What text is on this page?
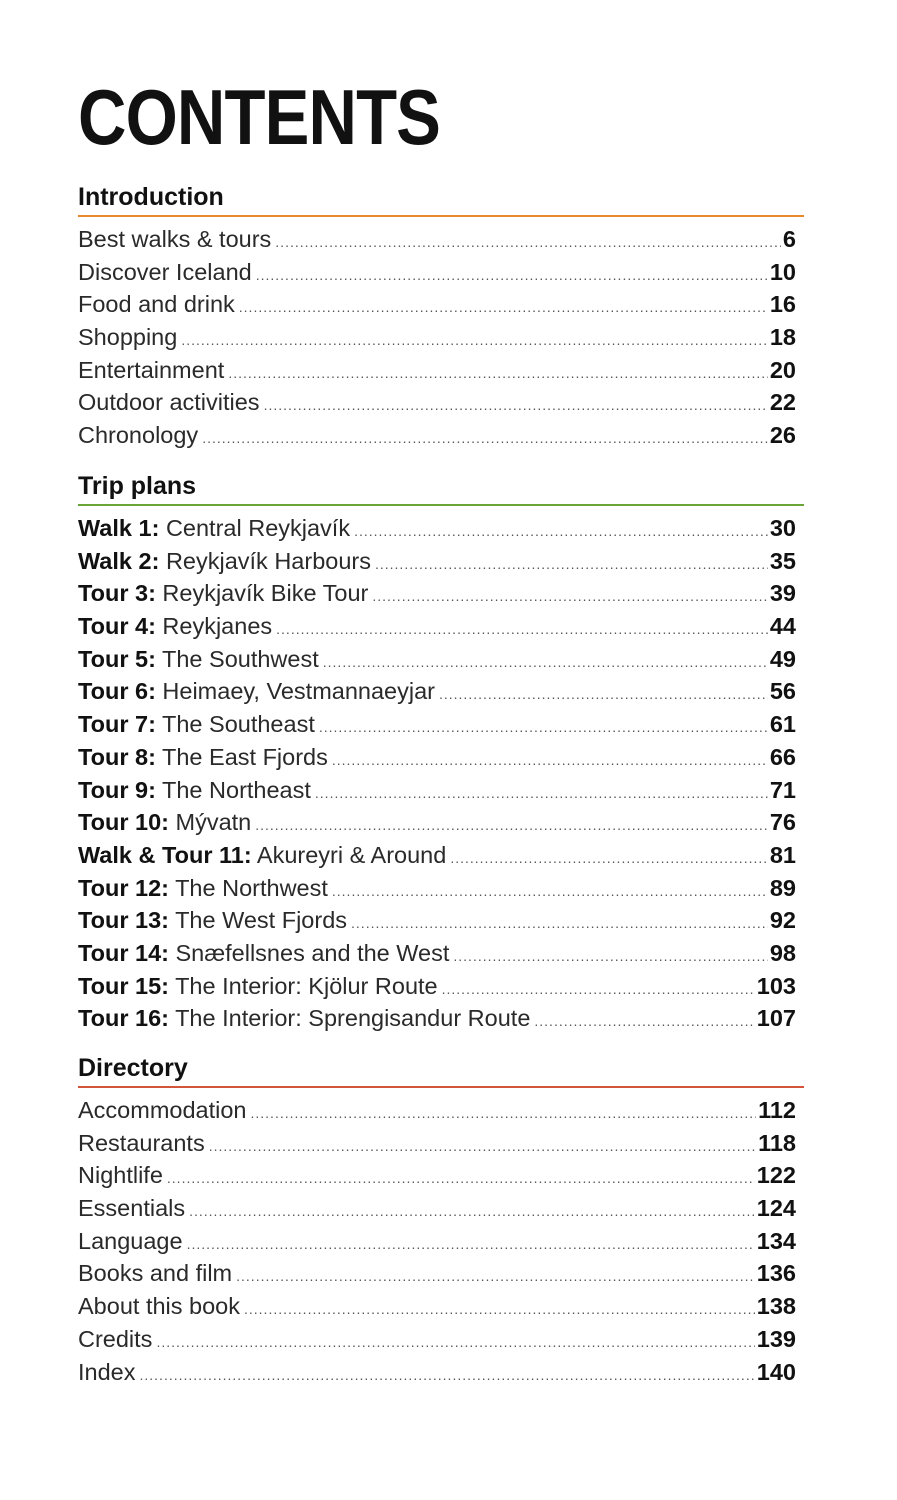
CONTENTS
Introduction
Best walks & tours .....	6
Discover Iceland .....	10
Food and drink .....	16
Shopping .....	18
Entertainment .....	20
Outdoor activities .....	22
Chronology .....	26
Trip plans
Walk 1: Central Reykjavík .....	30
Walk 2: Reykjavík Harbours .....	35
Tour 3: Reykjavík Bike Tour .....	39
Tour 4: Reykjanes .....	44
Tour 5: The Southwest .....	49
Tour 6: Heimaey, Vestmannaeyjar .....	56
Tour 7: The Southeast .....	61
Tour 8: The East Fjords .....	66
Tour 9: The Northeast .....	71
Tour 10: Mývatn .....	76
Walk & Tour 11: Akureyri & Around .....	81
Tour 12: The Northwest .....	89
Tour 13: The West Fjords .....	92
Tour 14: Snæfellsnes and the West .....	98
Tour 15: The Interior: Kjölur Route .....	103
Tour 16: The Interior: Sprengisandur Route .....	107
Directory
Accommodation .....	112
Restaurants .....	118
Nightlife .....	122
Essentials .....	124
Language .....	134
Books and film .....	136
About this book .....	138
Credits .....	139
Index .....	140
